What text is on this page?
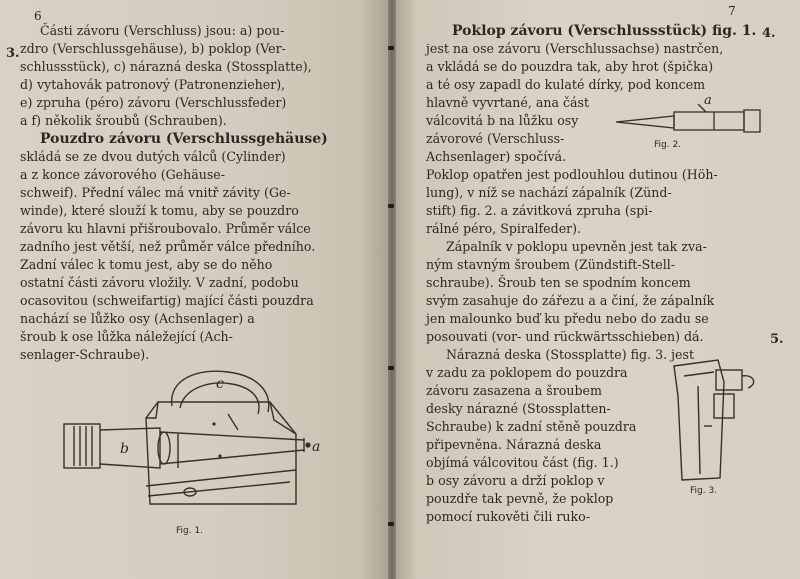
6
3.
Části závoru (Verschluss) jsou: a) pou-
zdro (Verschlussgehäuse), b) poklop (Ver-
schlussstück), c) nárazná deska (Stossplatte),
d) vytahovák patronový (Patronenzieher),
e) zpruha (péro) závoru (Verschlussfeder)
a f) několik šroubů (Schrauben).
Pouzdro závoru (Verschlussgehäuse)
skládá se ze dvou dutých válců (Cylinder)
a z konce závorového (Gehäuse-
schweif). Přední válec má vnitř závity (Ge-
winde), které slouží k tomu, aby se pouzdro
závoru ku hlavni přišroubovalo. Průměr válce
zadního jest větší, než průměr válce předního.
Zadní válec k tomu jest, aby se do něho
ostatní části závoru vložily. V zadní, podobu
ocasovitou (schweifartig) mající části pouzdra
nachází se lůžko osy (Achsenlager) a
šroub k ose lůžka náležející (Ach-
senlager-Schraube).
c
b	a
Fig. 1.
7
4.
5.
Poklop závoru (Verschlussstück) fig. 1.
jest na ose závoru (Verschlussachse) nastrčen,
a vkládá se do pouzdra tak, aby hrot (špička)
a té osy zapadl do kulaté dírky, pod koncem
hlavně vyvrtané, ana část
válcovitá b na lůžku osy
závorové (Verschluss-
Achsenlager) spočívá.
Poklop opatřen jest podlouhlou dutinou (Höh-
lung), v níž se nachází zápalník (Zünd-
stift) fig. 2. a závitková zpruha (spi-
rálné péro, Spiralfeder).
Zápalník v poklopu upevněn jest tak zva-
ným stavným šroubem (Zündstift-Stell-
schraube). Šroub ten se spodním koncem
svým zasahuje do zářezu a a činí, že zápalník
jen malounko buď ku předu nebo do zadu se
posouvati (vor- und rückwärtsschieben) dá.
Nárazná deska (Stossplatte) fig. 3. jest
v zadu za poklopem do pouzdra
závoru zasazena a šroubem
desky nárazné (Stossplatten-
Schraube) k zadní stěně pouzdra
připevněna. Nárazná deska
objímá válcovitou část (fig. 1.)
b osy závoru a drží poklop v
pouzdře tak pevně, že poklop
pomocí rukověti čili ruko-
a
Fig. 2.
Fig. 3.
